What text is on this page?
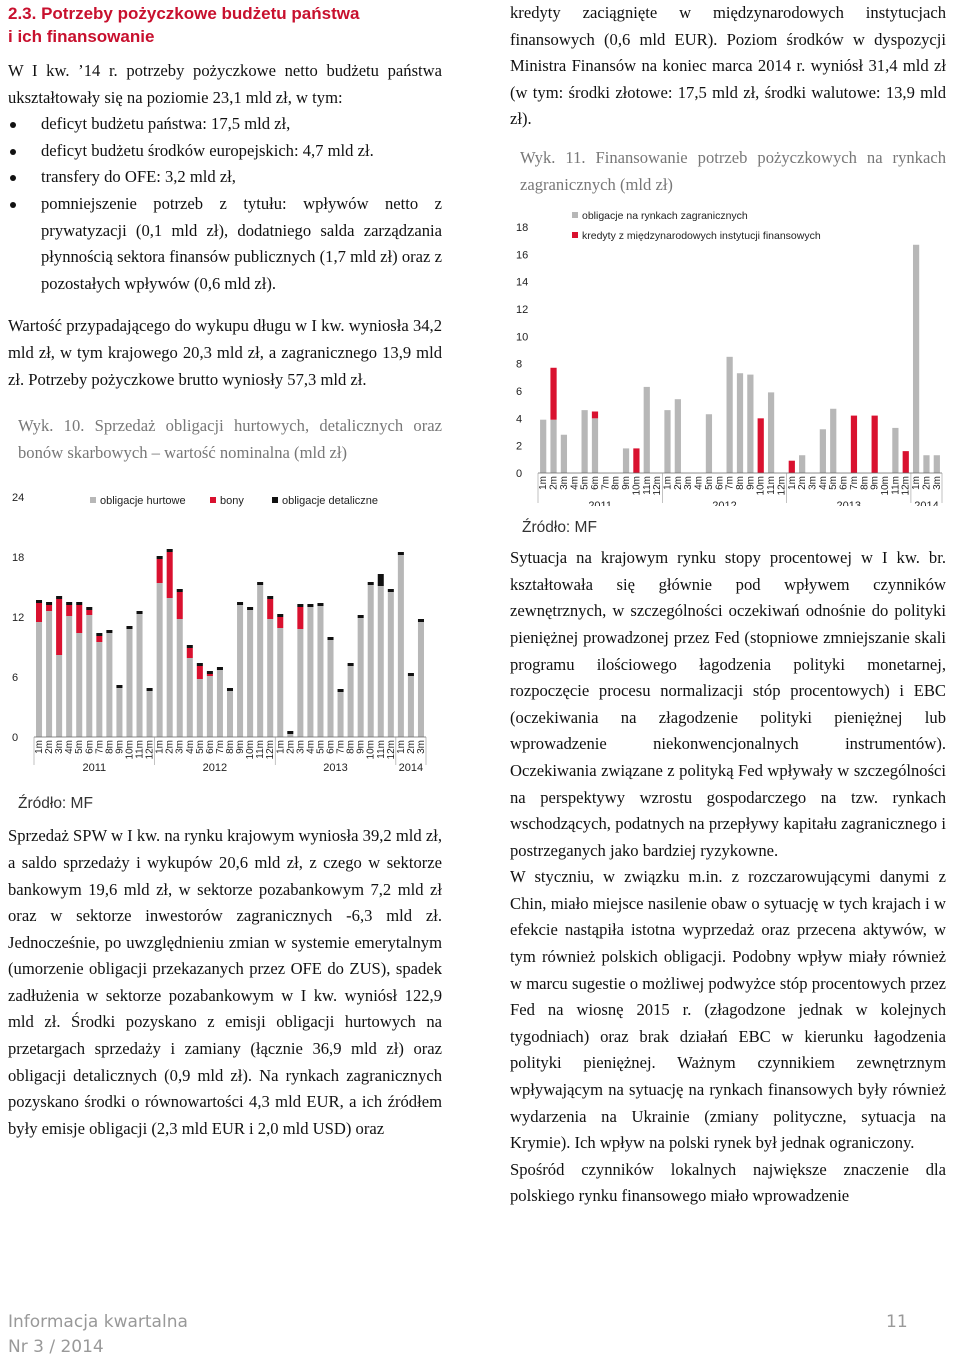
2.3. Potrzeby pożyczkowe budżetu państwa
i ich finansowanie

W I kw. ’14 r. potrzeby pożyczkowe netto budżetu państwa ukształtowały się na poziomie 23,1 mld zł, w tym:

deficyt budżetu państwa: 17,5 mld zł,
deficyt budżetu środków europejskich: 4,7 mld zł.
transfery do OFE: 3,2 mld zł,
pomniejszenie potrzeb z tytułu: wpływów netto z prywatyzacji (0,1 mld zł), dodatniego salda zarządzania płynnością sektora finansów publicznych (1,7 mld zł) oraz z pozostałych wpływów (0,6 mld zł).

Wartość przypadającego do wykupu długu w I kw. wyniosła 34,2 mld zł, w tym krajowego 20,3 mld zł, a zagranicznego 13,9 mld zł. Potrzeby pożyczkowe brutto wyniosły 57,3 mld zł.

Wyk. 10. Sprzedaż obligacji hurtowych, detalicznych oraz bonów skarbowych – wartość nominalna (mld zł)
0
6
12
18
24	obligacje hurtowe	bony	obligacje detaliczne
1m 2m 3m 4m 5m 6m 7m 8m 9m 10m 11m 12m 1m 2m 3m 4m 5m 6m 7m 8m 9m 10m 11m 12m 1m 2m 3m 4m 5m 6m 7m 8m 9m 10m 11m 12m 1m 2m 3m
2011	2012	2013	2014
Źródło: MF

Sprzedaż SPW w I kw. na rynku krajowym wyniosła 39,2 mld zł, a saldo sprzedaży i wykupów 20,6 mld zł, z czego w sektorze bankowym 19,6 mld zł, w sektorze pozabankowym 7,2 mld zł oraz w sektorze inwestorów zagranicznych -6,3 mld zł. Jednocześnie, po uwzględnieniu zmian w systemie emerytalnym (umorzenie obligacji przekazanych przez OFE do ZUS), spadek zadłużenia w sektorze pozabankowym w I kw. wyniósł 122,9 mld zł. Środki pozyskano z emisji obligacji hurtowych na przetargach sprzedaży i zamiany (łącznie 36,9 mld zł) oraz obligacji detalicznych (0,9 mld zł). Na rynkach zagranicznych pozyskano środki o równowartości 4,3 mld EUR, a ich źródłem były emisje obligacji (2,3 mld EUR i 2,0 mld USD) oraz

kredyty zaciągnięte w międzynarodowych instytucjach finansowych (0,6 mld EUR). Poziom środków w dyspozycji Ministra Finansów na koniec marca 2014 r. wyniósł 31,4 mld zł (w tym: środki złotowe: 17,5 mld zł, środki walutowe: 13,9 mld zł).

Wyk. 11. Finansowanie potrzeb pożyczkowych na rynkach zagranicznych (mld zł)
0
2
4
6
8
10
12
14
16
18
obligacje na rynkach zagranicznych
kredyty z międzynarodowych instytucji finansowych
1m 2m 3m 4m 5m 6m 7m 8m 9m 10m 11m 12m 1m 2m 3m 4m 5m 6m 7m 8m 9m 10m 11m 12m 1m 2m 3m 4m 5m 6m 7m 8m 9m 10m 11m 12m 1m 2m 3m
2011	2012	2013	2014
Źródło: MF

Sytuacja na krajowym rynku stopy procentowej w I kw. br. kształtowała się głównie pod wpływem czynników zewnętrznych, w szczególności oczekiwań odnośnie do polityki pieniężnej prowadzonej przez Fed (stopniowe zmniejszanie skali programu ilościowego łagodzenia polityki monetarnej, rozpoczęcie procesu normalizacji stóp procentowych) i EBC (oczekiwania na złagodzenie polityki pieniężnej lub wprowadzenie niekonwencjonalnych instrumentów). Oczekiwania związane z polityką Fed wpływały w szczególności na perspektywy wzrostu gospodarczego na tzw. rynkach wschodzących, podatnych na przepływy kapitału zagranicznego i postrzeganych jako bardziej ryzykowne.

W styczniu, w związku m.in. z rozczarowującymi danymi z Chin, miało miejsce nasilenie obaw o sytuację w tych krajach i w efekcie nastąpiła istotna wyprzedaż oraz przecena aktywów, w tym również polskich obligacji. Podobny wpływ miały również w marcu sugestie o możliwej podwyżce stóp procentowych przez Fed na wiosnę 2015 r. (złagodzone jednak w kolejnych tygodniach) oraz brak działań EBC w kierunku łagodzenia polityki pieniężnej. Ważnym czynnikiem zewnętrznym wpływającym na sytuację na rynkach finansowych były również wydarzenia na Ukrainie (zmiany polityczne, sytuacja na Krymie). Ich wpływ na polski rynek był jednak ograniczony.

Spośród czynników lokalnych największe znaczenie dla polskiego rynku finansowego miało wprowadzenie

Informacja kwartalna
Nr 3 / 2014
11
